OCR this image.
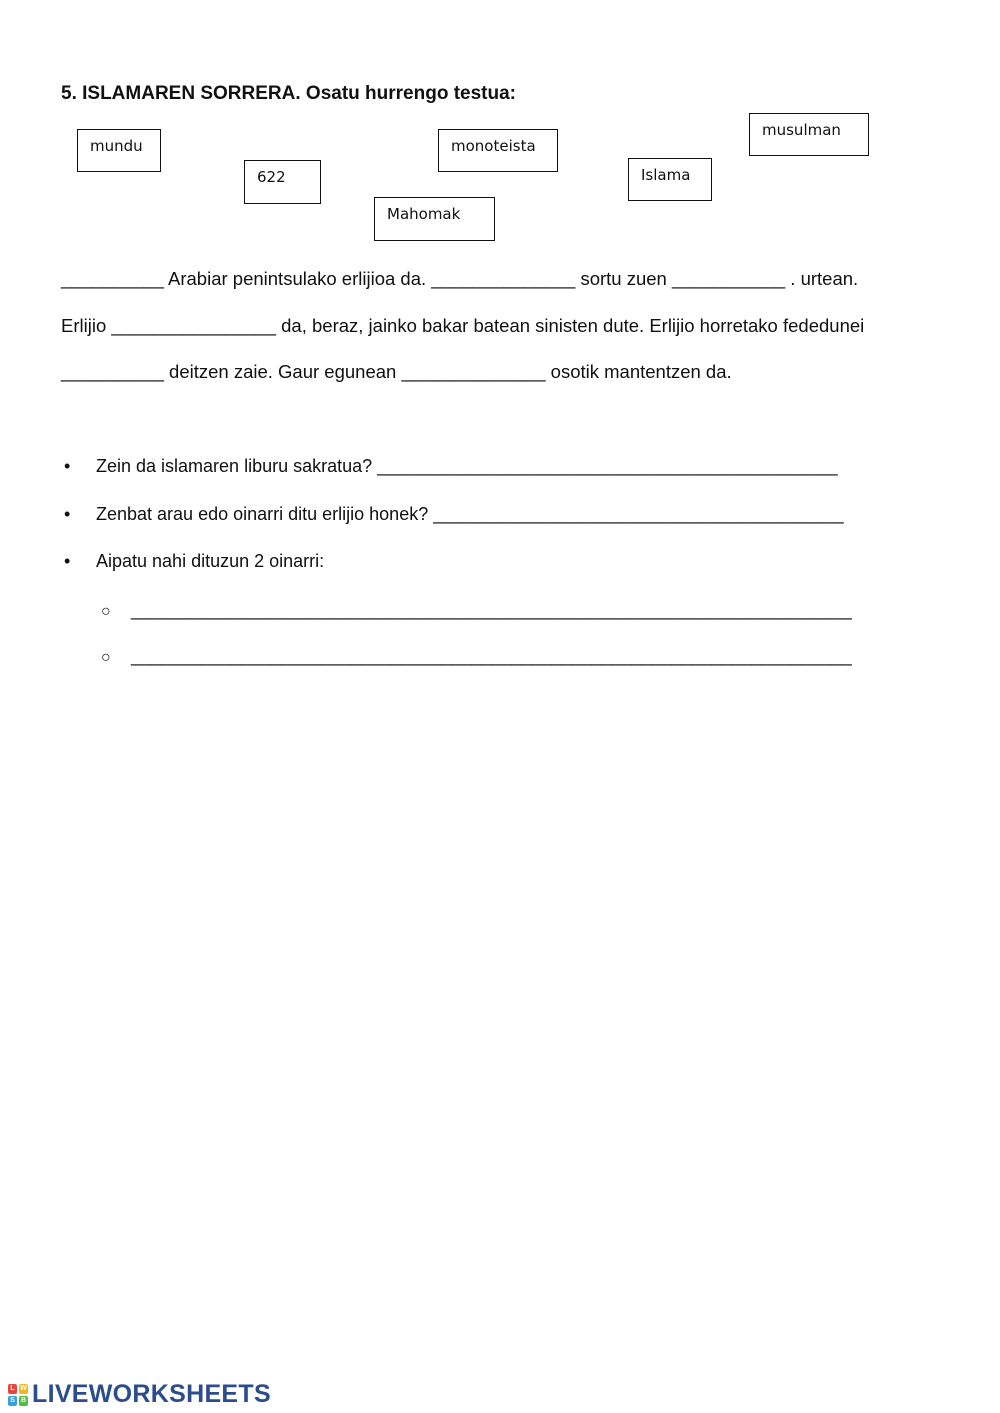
5. ISLAMAREN SORRERA. Osatu hurrengo testua:
mundu
622
monoteista
Mahomak
Islama
musulman
__________ Arabiar penintsulako erlijioa da. ______________ sortu zuen ___________ . urtean.
Erlijio ________________ da, beraz, jainko bakar batean sinisten dute. Erlijio horretako fededunei
__________ deitzen zaie. Gaur egunean ______________ osotik mantentzen da.
• Zein da islamaren liburu sakratua? ______________________________________________
• Zenbat arau edo oinarri ditu erlijio honek? _________________________________________
• Aipatu nahi dituzun 2 oinarri:
○ ________________________________________________________________________
○ ________________________________________________________________________
L W
S B LIVEWORKSHEETS
